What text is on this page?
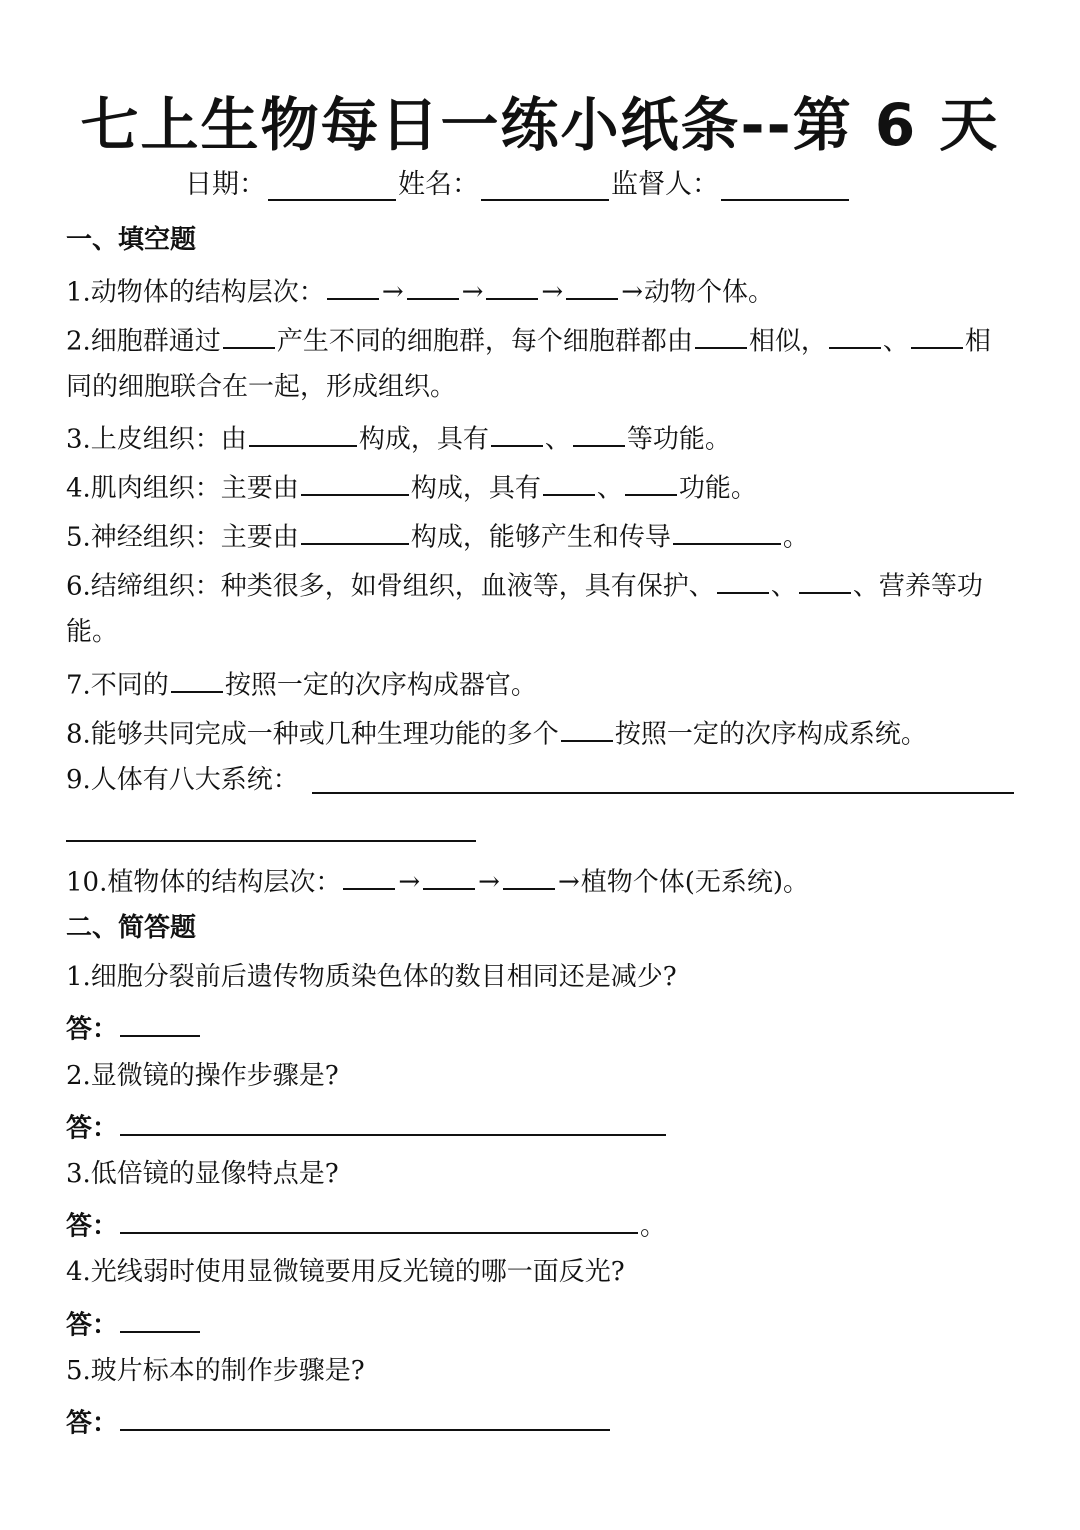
七上生物每日一练小纸条--第 6 天
日期：	姓名：	监督人：
一、填空题
1.动物体的结构层次： → → → →动物个体。
2.细胞群通过 产生不同的细胞群，每个细胞群都由 相似， 、 相
同的细胞联合在一起，形成组织。
3.上皮组织：由	构成，具有 、 等功能。
4.肌肉组织：主要由	构成，具有 、 功能。
5.神经组织：主要由	构成，能够产生和传导	。
6.结缔组织：种类很多，如骨组织，血液等，具有保护、 、 、营养等功
能。
7.不同的 按照一定的次序构成器官。
8.能够共同完成一种或几种生理功能的多个 按照一定的次序构成系统。
9.人体有八大系统：
10.植物体的结构层次： → → →植物个体(无系统)。
二、简答题
1.细胞分裂前后遗传物质染色体的数目相同还是减少?
答：
2.显微镜的操作步骤是?
答：
3.低倍镜的显像特点是?
答：	。
4.光线弱时使用显微镜要用反光镜的哪一面反光?
答：
5.玻片标本的制作步骤是?
答：
